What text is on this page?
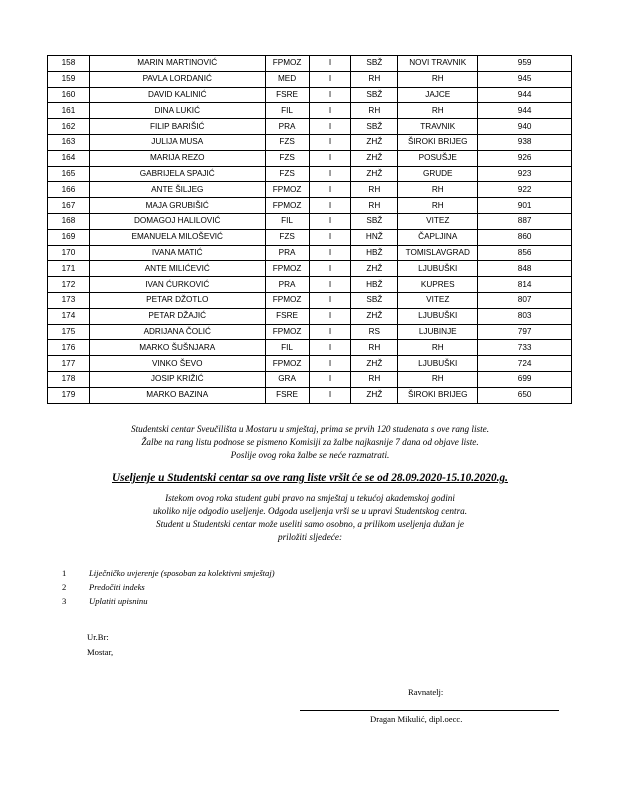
158	MARIN MARTINOVIĆ	FPMOZ	I	SBŽ	NOVI TRAVNIK	959
159	PAVLA LORDANIĆ	MED	I	RH	RH	945
160	DAVID KALINIĆ	FSRE	I	SBŽ	JAJCE	944
161	DINA LUKIĆ	FIL	I	RH	RH	944
162	FILIP BARIŠIĆ	PRA	I	SBŽ	TRAVNIK	940
163	JULIJA MUSA	FZS	I	ZHŽ	ŠIROKI BRIJEG	938
164	MARIJA REZO	FZS	I	ZHŽ	POSUŠJE	926
165	GABRIJELA SPAJIĆ	FZS	I	ZHŽ	GRUDE	923
166	ANTE ŠILJEG	FPMOZ	I	RH	RH	922
167	MAJA GRUBIŠIĆ	FPMOZ	I	RH	RH	901
168	DOMAGOJ HALILOVIĆ	FIL	I	SBŽ	VITEZ	887
169	EMANUELA MILOŠEVIĆ	FZS	I	HNŽ	ČAPLJINA	860
170	IVANA MATIĆ	PRA	I	HBŽ	TOMISLAVGRAD	856
171	ANTE MILIĆEVIĆ	FPMOZ	I	ZHŽ	LJUBUŠKI	848
172	IVAN ĆURKOVIĆ	PRA	I	HBŽ	KUPRES	814
173	PETAR DŽOTLO	FPMOZ	I	SBŽ	VITEZ	807
174	PETAR DŽAJIĆ	FSRE	I	ZHŽ	LJUBUŠKI	803
175	ADRIJANA ČOLIĆ	FPMOZ	I	RS	LJUBINJE	797
176	MARKO ŠUŠNJARA	FIL	I	RH	RH	733
177	VINKO ŠEVO	FPMOZ	I	ZHŽ	LJUBUŠKI	724
178	JOSIP KRIŽIĆ	GRA	I	RH	RH	699
179	MARKO BAZINA	FSRE	I	ZHŽ	ŠIROKI BRIJEG	650
Studentski centar Sveučilišta u Mostaru u smještaj, prima se prvih 120 studenata s ove rang liste.
Žalbe na rang listu podnose se pismeno Komisiji za žalbe najkasnije 7 dana od objave liste.
Poslije ovog roka žalbe se neće razmatrati.
Useljenje u Studentski centar sa ove rang liste vršit će se od 28.09.2020-15.10.2020.g.
Istekom ovog roka student gubi pravo na smještaj u tekućoj akademskoj godini
ukoliko nije odgodio useljenje. Odgoda useljenja vrši se u upravi Studentskog centra.
Student u Studentski centar može useliti samo osobno, a prilikom useljenja dužan je
priložiti sljedeće:
1	Liječničko uvjerenje (sposoban za kolektivni smještaj)
2	Predočiti indeks
3	Uplatiti upisninu
Ur.Br:
Mostar,
Ravnatelj:
Dragan Mikulić, dipl.oecc.
